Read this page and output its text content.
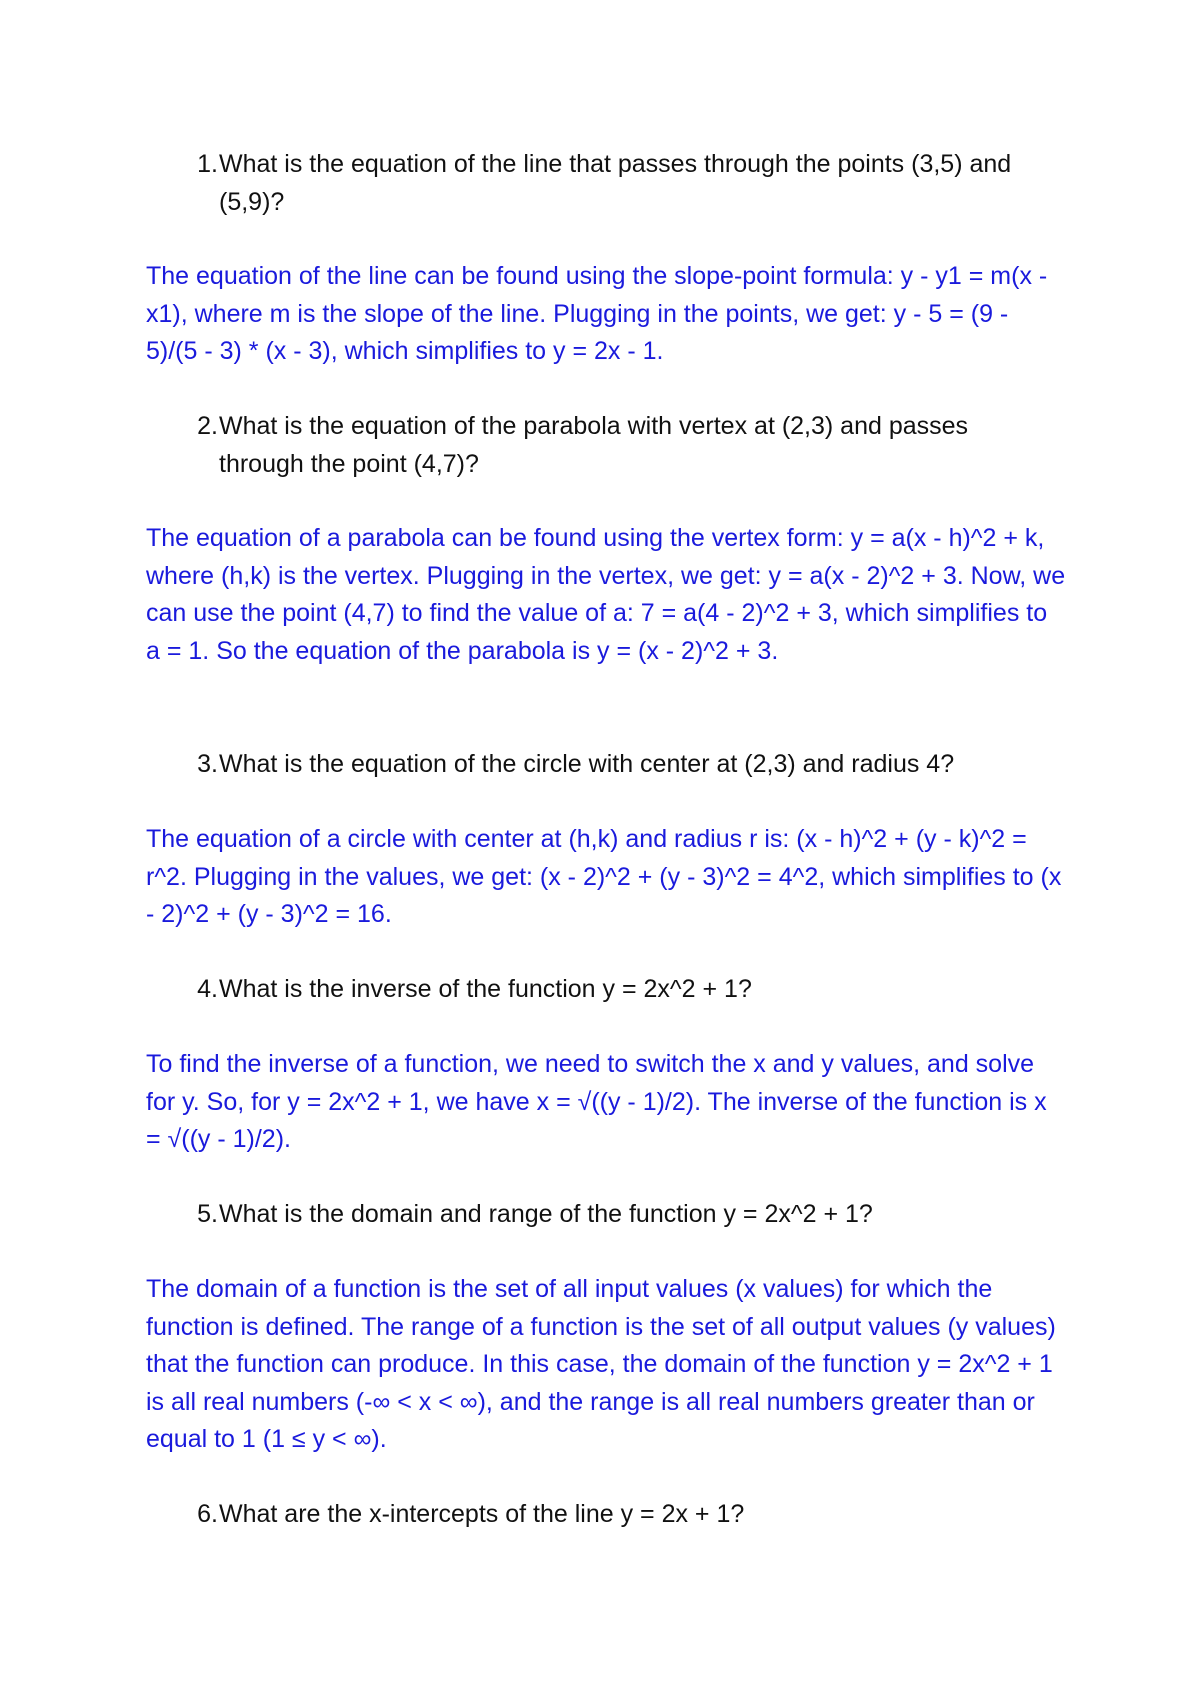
1. What is the equation of the line that passes through the points (3,5) and (5,9)?
The equation of the line can be found using the slope-point formula: y - y1 = m(x - x1), where m is the slope of the line. Plugging in the points, we get: y - 5 = (9 - 5)/(5 - 3) * (x - 3), which simplifies to y = 2x - 1.
2. What is the equation of the parabola with vertex at (2,3) and passes through the point (4,7)?
The equation of a parabola can be found using the vertex form: y = a(x - h)^2 + k, where (h,k) is the vertex. Plugging in the vertex, we get: y = a(x - 2)^2 + 3. Now, we can use the point (4,7) to find the value of a: 7 = a(4 - 2)^2 + 3, which simplifies to a = 1. So the equation of the parabola is y = (x - 2)^2 + 3.
3. What is the equation of the circle with center at (2,3) and radius 4?
The equation of a circle with center at (h,k) and radius r is: (x - h)^2 + (y - k)^2 = r^2. Plugging in the values, we get: (x - 2)^2 + (y - 3)^2 = 4^2, which simplifies to (x - 2)^2 + (y - 3)^2 = 16.
4. What is the inverse of the function y = 2x^2 + 1?
To find the inverse of a function, we need to switch the x and y values, and solve for y. So, for y = 2x^2 + 1, we have x = √((y - 1)/2). The inverse of the function is x = √((y - 1)/2).
5. What is the domain and range of the function y = 2x^2 + 1?
The domain of a function is the set of all input values (x values) for which the function is defined. The range of a function is the set of all output values (y values) that the function can produce. In this case, the domain of the function y = 2x^2 + 1 is all real numbers (-∞ < x < ∞), and the range is all real numbers greater than or equal to 1 (1 ≤ y < ∞).
6. What are the x-intercepts of the line y = 2x + 1?
